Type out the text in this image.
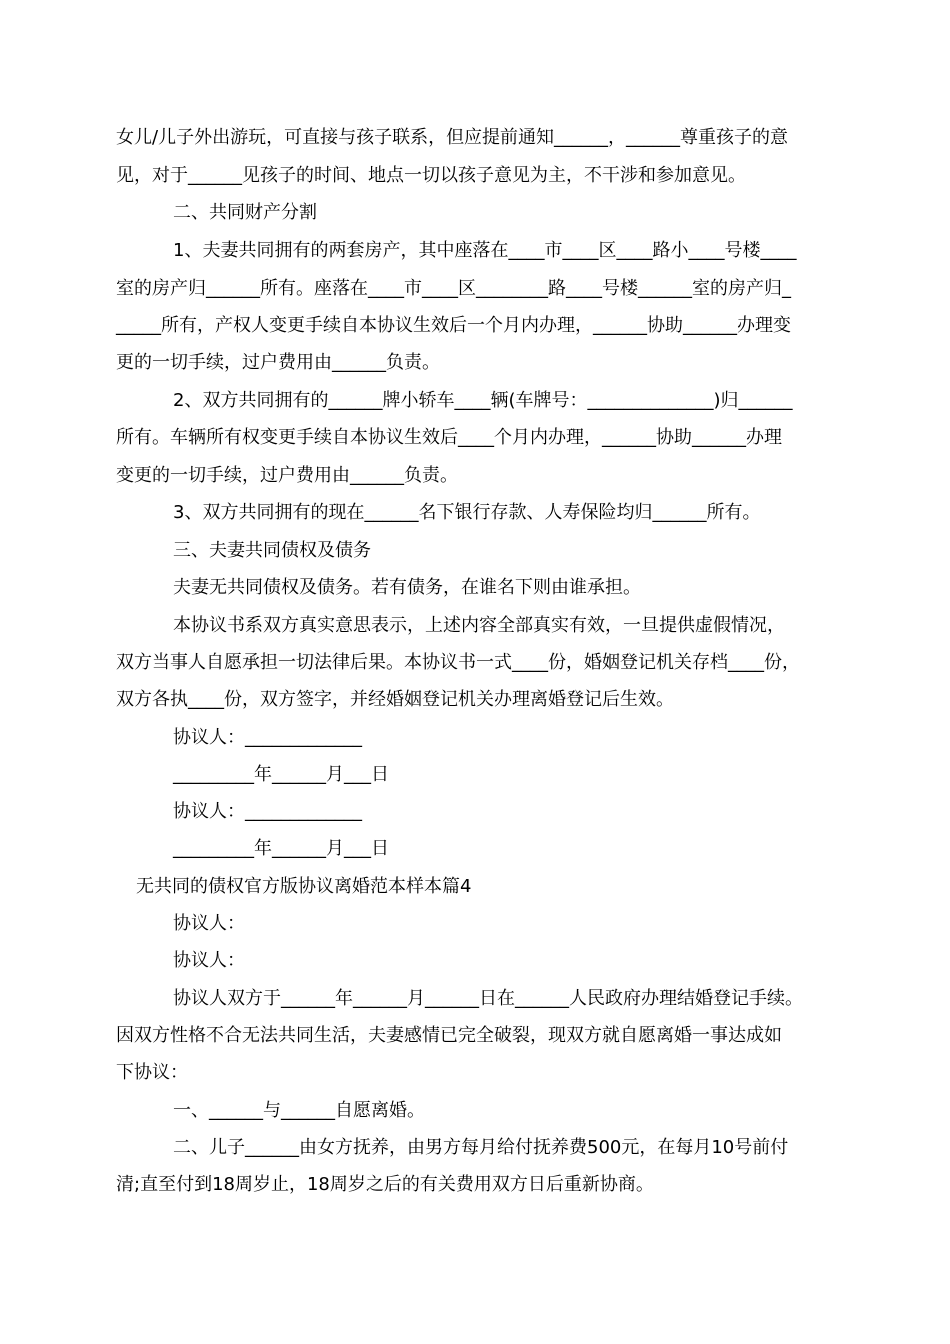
女儿/儿子外出游玩，可直接与孩子联系，但应提前通知______，______尊重孩子的意
见，对于______见孩子的时间、地点一切以孩子意见为主，不干涉和参加意见。
二、共同财产分割
1、夫妻共同拥有的两套房产，其中座落在____市____区____路小____号楼____
室的房产归______所有。座落在____市____区________路____号楼______室的房产归_
_____所有，产权人变更手续自本协议生效后一个月内办理，______协助______办理变
更的一切手续，过户费用由______负责。
2、双方共同拥有的______牌小轿车____辆(车牌号：______________)归______
所有。车辆所有权变更手续自本协议生效后____个月内办理，______协助______办理
变更的一切手续，过户费用由______负责。
3、双方共同拥有的现在______名下银行存款、人寿保险均归______所有。
三、夫妻共同债权及债务
夫妻无共同债权及债务。若有债务，在谁名下则由谁承担。
本协议书系双方真实意思表示，上述内容全部真实有效，一旦提供虚假情况，
双方当事人自愿承担一切法律后果。本协议书一式____份，婚姻登记机关存档____份，
双方各执____份，双方签字，并经婚姻登记机关办理离婚登记后生效。
协议人：_____________
_________年______月___日
协议人：_____________
_________年______月___日
无共同的债权官方版协议离婚范本样本篇4
协议人：
协议人：
协议人双方于______年______月______日在______人民政府办理结婚登记手续。
因双方性格不合无法共同生活，夫妻感情已完全破裂，现双方就自愿离婚一事达成如
下协议：
一、______与______自愿离婚。
二、儿子______由女方抚养，由男方每月给付抚养费500元，在每月10号前付
清;直至付到18周岁止，18周岁之后的有关费用双方日后重新协商。
